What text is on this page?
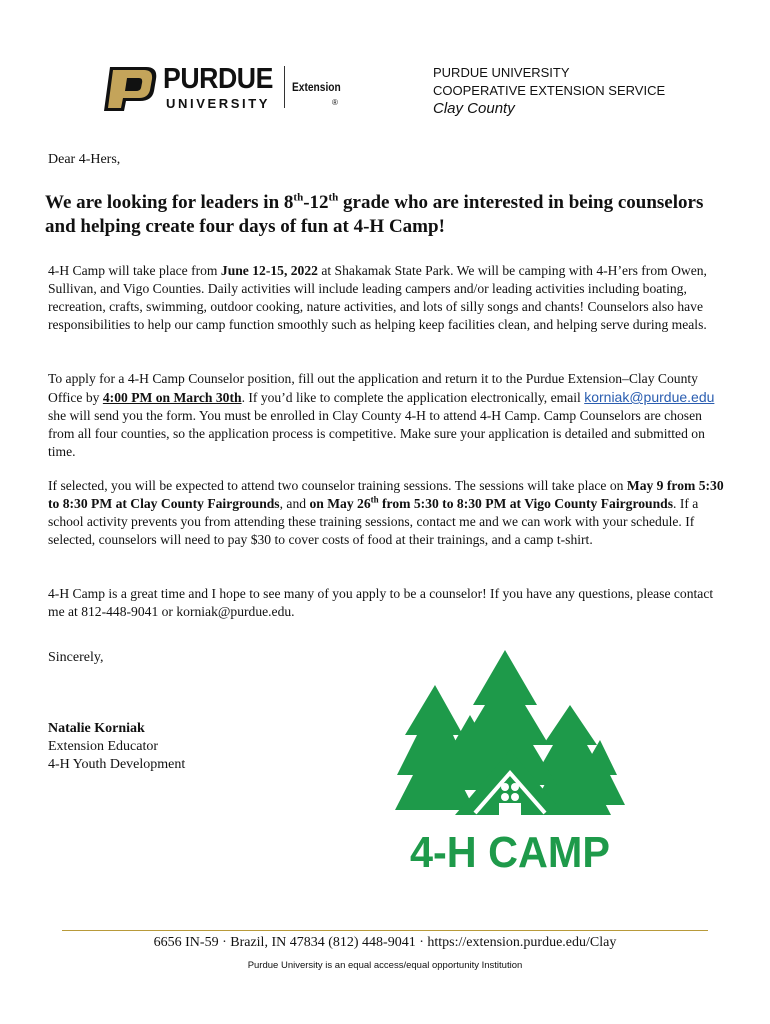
PURDUE
UNIVERSITY	®
Extension
PURDUE UNIVERSITY
COOPERATIVE EXTENSION SERVICE
Clay County
Dear 4-Hers,
We are looking for leaders in 8th-12th grade who are interested in being counselors and helping create four days of fun at 4-H Camp!
4-H Camp will take place from June 12-15, 2022 at Shakamak State Park. We will be camping with 4-H’ers from Owen, Sullivan, and Vigo Counties. Daily activities will include leading campers and/or leading activities including boating, recreation, crafts, swimming, outdoor cooking, nature activities, and lots of silly songs and chants! Counselors also have responsibilities to help our camp function smoothly such as helping keep facilities clean, and helping serve during meals.
To apply for a 4-H Camp Counselor position, fill out the application and return it to the Purdue Extension–Clay County Office by 4:00 PM on March 30th. If you’d like to complete the application electronically, email korniak@purdue.edu she will send you the form. You must be enrolled in Clay County 4-H to attend 4-H Camp. Camp Counselors are chosen from all four counties, so the application process is competitive. Make sure your application is detailed and submitted on time.
If selected, you will be expected to attend two counselor training sessions. The sessions will take place on May 9 from 5:30 to 8:30 PM at Clay County Fairgrounds, and on May 26th from 5:30 to 8:30 PM at Vigo County Fairgrounds. If a school activity prevents you from attending these training sessions, contact me and we can work with your schedule. If selected, counselors will need to pay $30 to cover costs of food at their trainings, and a camp t-shirt.
4-H Camp is a great time and I hope to see many of you apply to be a counselor! If you have any questions, please contact me at 812-448-9041 or korniak@purdue.edu.
Sincerely,
Natalie Korniak
Extension Educator
4-H Youth Development
4-H CAMP
6656 IN-59 · Brazil, IN 47834 (812) 448-9041 · https://extension.purdue.edu/Clay
Purdue University is an equal access/equal opportunity Institution
